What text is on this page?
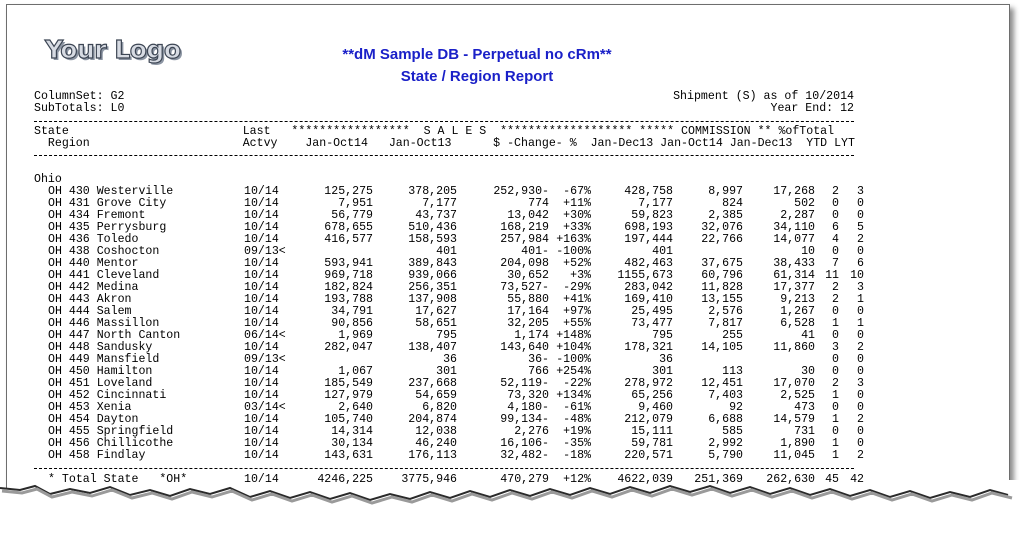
Your Logo	**dM Sample DB - Perpetual no cRm**
State / Region Report
ColumnSet: G2
SubTotals: L0
Shipment (S) as of 10/2014
Year End: 12
State                         Last   *****************  S A L E S  ******************* ***** COMMISSION ** %ofTotal
Region                      Actvy    Jan-Oct14   Jan-Oct13      $ -Change- %  Jan-Dec13 Jan-Oct14 Jan-Dec13  YTD LYT
Ohio
OH 430 Westerville	10/14	125,275	378,205	252,930-	-67%	428,758	8,997	17,268	2	3
OH 431 Grove City	10/14	7,951	7,177	774	+11%	7,177	824	502	0	0
OH 434 Fremont	10/14	56,779	43,737	13,042	+30%	59,823	2,385	2,287	0	0
OH 435 Perrysburg	10/14	678,655	510,436	168,219	+33%	698,193	32,076	34,110	6	5
OH 436 Toledo	10/14	416,577	158,593	257,984	+163%	197,444	22,766	14,077	4	2
OH 438 Coshocton	09/13<		401	401-	-100%	401		10	0	0
OH 440 Mentor	10/14	593,941	389,843	204,098	+52%	482,463	37,675	38,433	7	6
OH 441 Cleveland	10/14	969,718	939,066	30,652	+3%	1155,673	60,796	61,314	11	10
OH 442 Medina	10/14	182,824	256,351	73,527-	-29%	283,042	11,828	17,377	2	3
OH 443 Akron	10/14	193,788	137,908	55,880	+41%	169,410	13,155	9,213	2	1
OH 444 Salem	10/14	34,791	17,627	17,164	+97%	25,495	2,576	1,267	0	0
OH 446 Massillon	10/14	90,856	58,651	32,205	+55%	73,477	7,817	6,528	1	1
OH 447 North Canton	06/14<	1,969	795	1,174	+148%	795	255	41	0	0
OH 448 Sandusky	10/14	282,047	138,407	143,640	+104%	178,321	14,105	11,860	3	2
OH 449 Mansfield	09/13<		36	36-	-100%	36			0	0
OH 450 Hamilton	10/14	1,067	301	766	+254%	301	113	30	0	0
OH 451 Loveland	10/14	185,549	237,668	52,119-	-22%	278,972	12,451	17,070	2	3
OH 452 Cincinnati	10/14	127,979	54,659	73,320	+134%	65,256	7,403	2,525	1	0
OH 453 Xenia	03/14<	2,640	6,820	4,180-	-61%	9,460	92	473	0	0
OH 454 Dayton	10/14	105,740	204,874	99,134-	-48%	212,079	6,688	14,579	1	2
OH 455 Springfield	10/14	14,314	12,038	2,276	+19%	15,111	585	731	0	0
OH 456 Chillicothe	10/14	30,134	46,240	16,106-	-35%	59,781	2,992	1,890	1	0
OH 458 Findlay	10/14	143,631	176,113	32,482-	-18%	220,571	5,790	11,045	1	2
* Total State   *OH*	10/14	4246,225	3775,946	470,279	+12%	4622,039	251,369	262,630	45	42
